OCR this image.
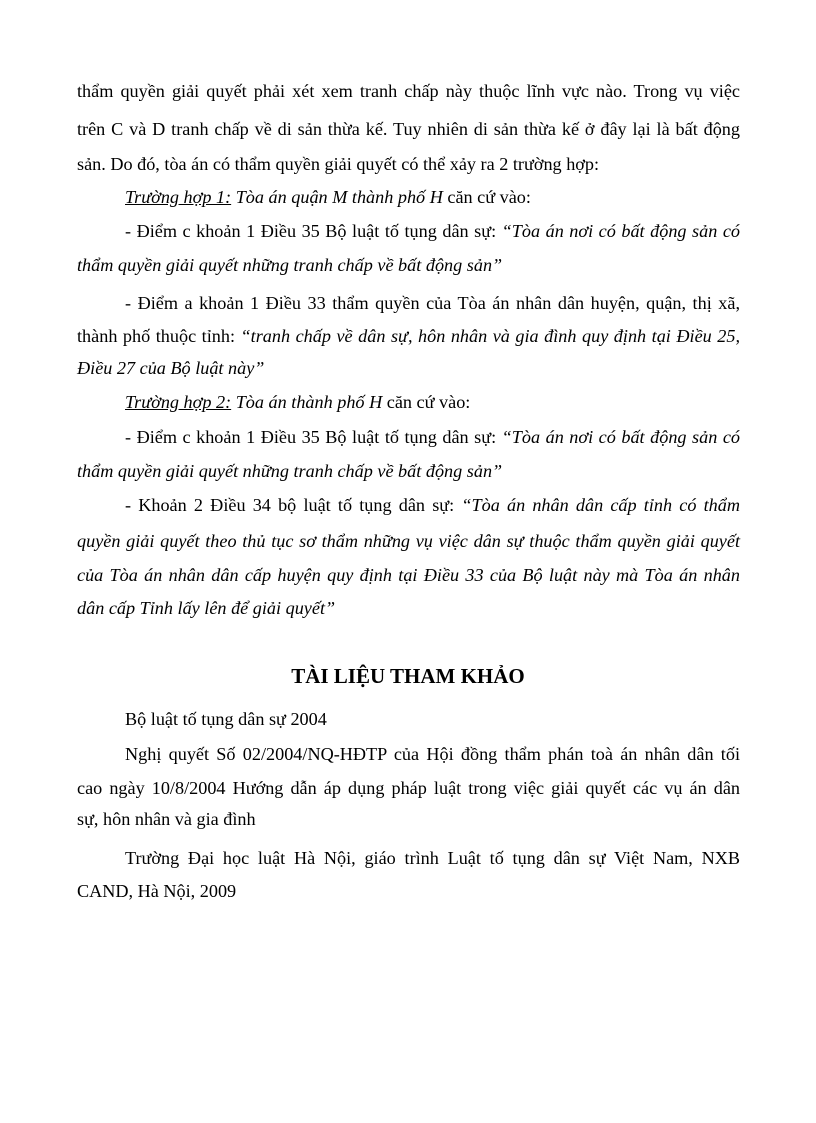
thẩm quyền giải quyết phải xét xem tranh chấp này thuộc lĩnh vực nào. Trong vụ việc
trên C và D tranh chấp về di sản thừa kế. Tuy nhiên di sản thừa kế ở đây lại là bất động
sản. Do đó, tòa án có thẩm quyền giải quyết có thể xảy ra 2 trường hợp:
Trường hợp 1: Tòa án quận M thành phố H căn cứ vào:
- Điểm c khoản 1 Điều 35 Bộ luật tố tụng dân sự: “Tòa án nơi có bất động sản có
thẩm quyền giải quyết những tranh chấp về bất động sản”
- Điểm a khoản 1 Điều 33 thẩm quyền của Tòa án nhân dân huyện, quận, thị xã,
thành phố thuộc tỉnh: “tranh chấp về dân sự, hôn nhân và gia đình quy định tại Điều 25,
Điều 27 của Bộ luật này”
Trường hợp 2: Tòa án thành phố H căn cứ vào:
- Điểm c khoản 1 Điều 35 Bộ luật tố tụng dân sự: “Tòa án nơi có bất động sản có
thẩm quyền giải quyết những tranh chấp về bất động sản”
- Khoản 2 Điều 34 bộ luật tố tụng dân sự: “Tòa án nhân dân cấp tỉnh có thẩm
quyền giải quyết theo thủ tục sơ thẩm những vụ việc dân sự thuộc thẩm quyền giải quyết
của Tòa án nhân dân cấp huyện quy định tại Điều 33 của Bộ luật này mà Tòa án nhân
dân cấp Tỉnh lấy lên để giải quyết”
TÀI LIỆU THAM KHẢO
Bộ luật tố tụng dân sự 2004
Nghị quyết Số 02/2004/NQ-HĐTP của Hội đồng thẩm phán toà án nhân dân tối
cao ngày 10/8/2004 Hướng dẫn áp dụng pháp luật trong việc giải quyết các vụ án dân
sự, hôn nhân và gia đình
Trường Đại học luật Hà Nội, giáo trình Luật tố tụng dân sự Việt Nam, NXB
CAND, Hà Nội, 2009
